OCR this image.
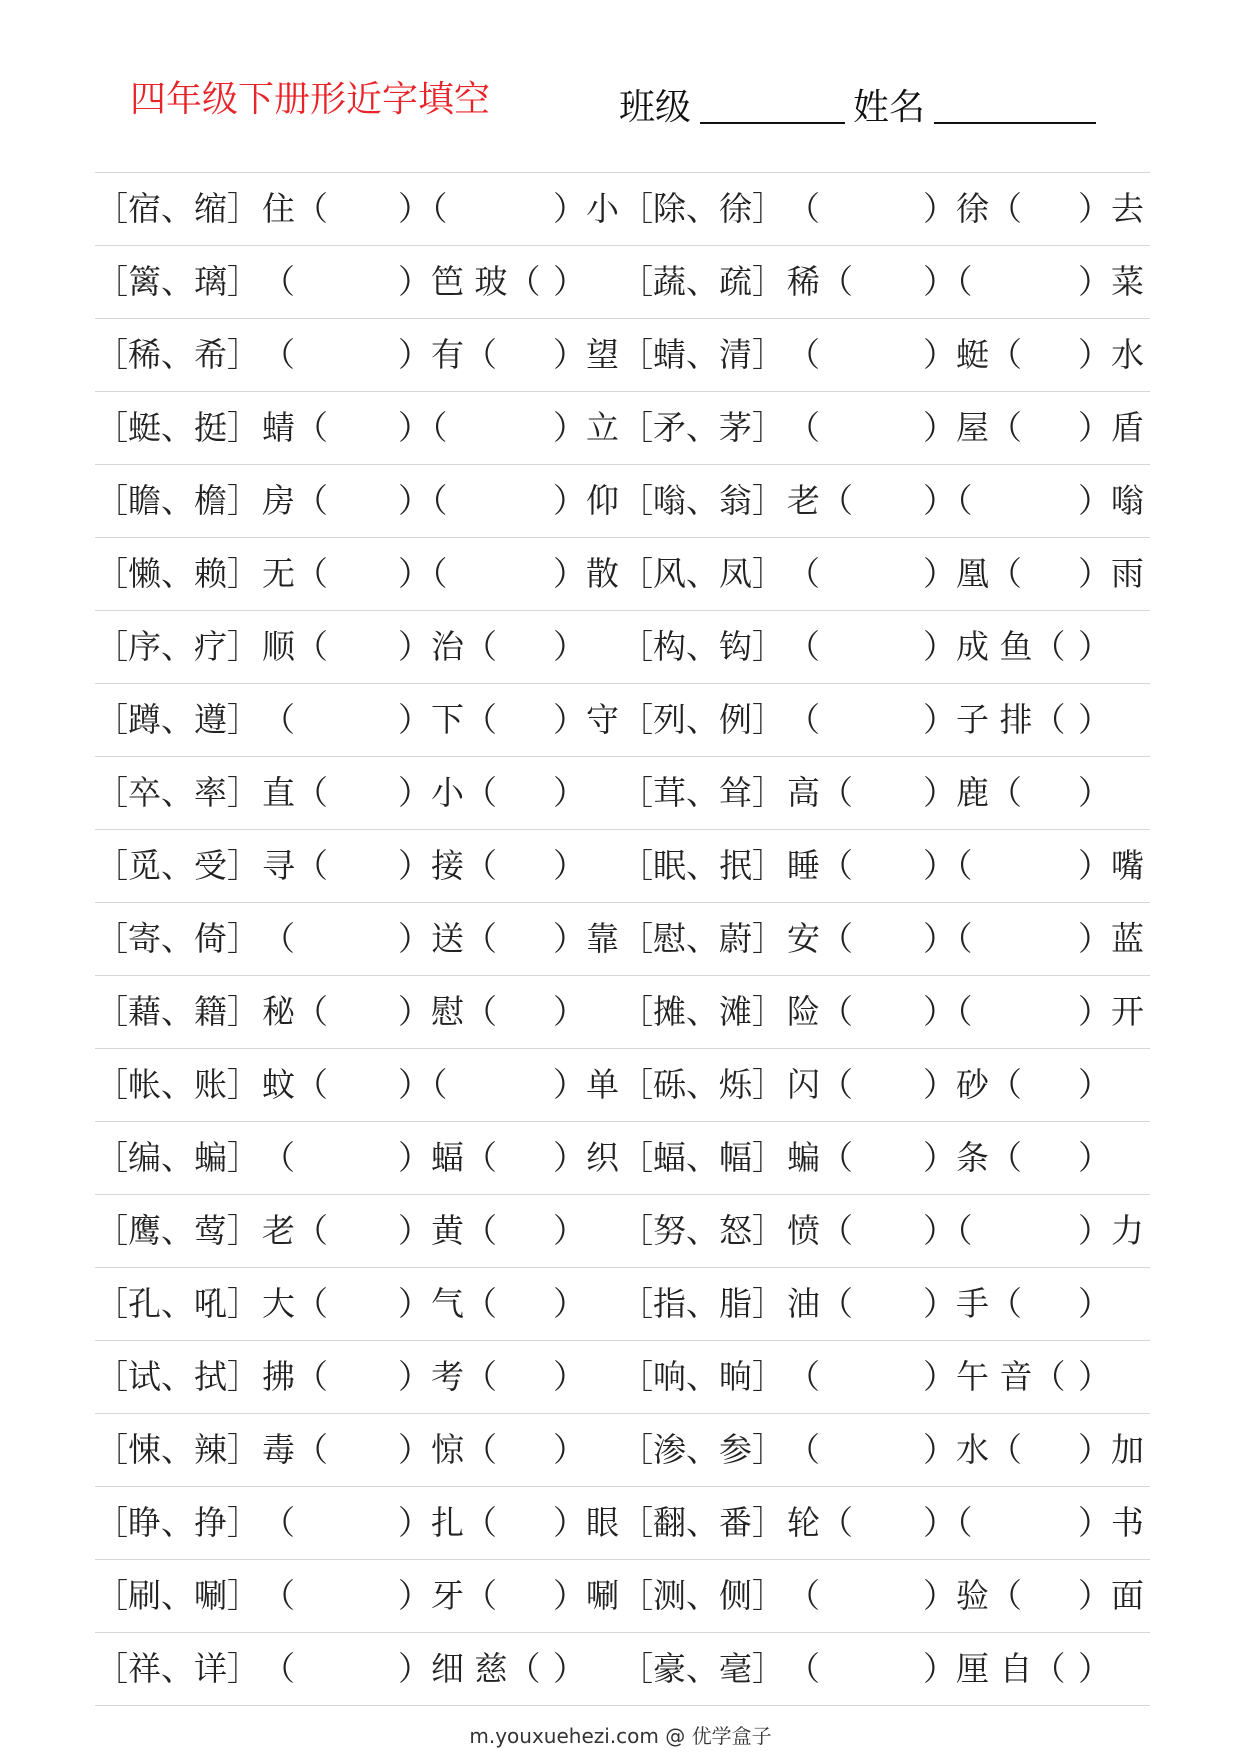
四年级下册形近字填空	班级	姓名
［宿、缩］ 住（ ）（	）小 ［除、徐］ （	）徐（ ）去
［篱、璃］ （	）笆 玻（ ） ［蔬、疏］ 稀（ ）（	）菜
［稀、希］ （	）有（ ）望 ［蜻、清］ （	）蜓（ ）水
［蜓、挺］ 蜻（ ）（	）立 ［矛、茅］ （	）屋（ ）盾
［瞻、檐］ 房（ ）（	）仰 ［嗡、翁］ 老（ ）（	）嗡
［懒、赖］ 无（ ）（	）散 ［风、凤］ （	）凰（ ）雨
［序、疗］ 顺（ ）治（ ） ［构、钩］ （	）成 鱼（ ）
［蹲、遵］ （	）下（ ）守 ［列、例］ （	）子 排（ ）
［卒、率］ 直（ ）小（ ） ［茸、耸］ 高（ ）鹿（ ）
［觅、受］ 寻（ ）接（ ） ［眠、抿］ 睡（ ）（	）嘴
［寄、倚］ （	）送（ ）靠 ［慰、蔚］ 安（ ）（	）蓝
［藉、籍］ 秘（ ）慰（ ） ［摊、滩］ 险（ ）（	）开
［帐、账］ 蚊（ ）（	）单 ［砾、烁］ 闪（ ）砂（ ）
［编、蝙］ （	）蝠（ ）织 ［蝠、幅］ 蝙（ ）条（ ）
［鹰、莺］ 老（ ）黄（ ） ［努、怒］ 愤（ ）（	）力
［孔、吼］ 大（ ）气（ ） ［指、脂］ 油（ ）手（ ）
［试、拭］ 拂（ ）考（ ） ［响、晌］ （	）午 音（ ）
［悚、辣］ 毒（ ）惊（ ） ［渗、参］ （	）水（ ）加
［睁、挣］ （	）扎（ ）眼 ［翻、番］ 轮（ ）（	）书
［刷、唰］ （	）牙（ ）唰 ［测、侧］ （	）验（ ）面
［祥、详］ （	）细 慈（ ） ［豪、毫］ （	）厘 自（ ）
m.youxuehezi.com @ 优学盒子
